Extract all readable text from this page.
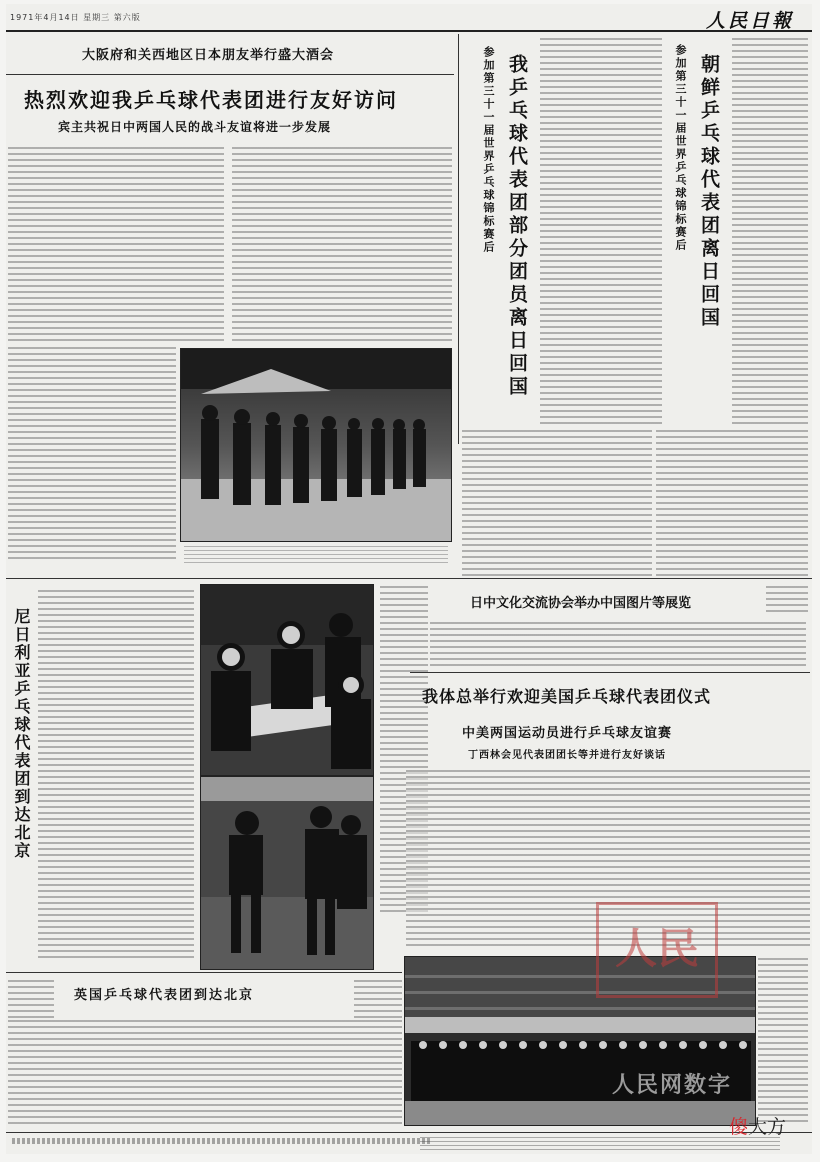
1971年4月14日 星期三 第六版	人民日報
大阪府和关西地区日本朋友举行盛大酒会
热烈欢迎我乒乓球代表团进行友好访问
宾主共祝日中两国人民的战斗友谊将进一步发展	参加第三十一届世界乒乓球锦标赛后 我乒乓球代表团部分团员离日回国	参加第三十一届世界乒乓球锦标赛后 朝鲜乒乓球代表团离日回国
尼日利亚乒乓球代表团到达北京
日中文化交流协会举办中国图片等展览
我体总举行欢迎美国乒乓球代表团仪式
中美两国运动员进行乒乓球友谊赛
丁西林会见代表团团长等并进行友好谈话
英国乒乓球代表团到达北京
人民
人民网数字
傻大方
